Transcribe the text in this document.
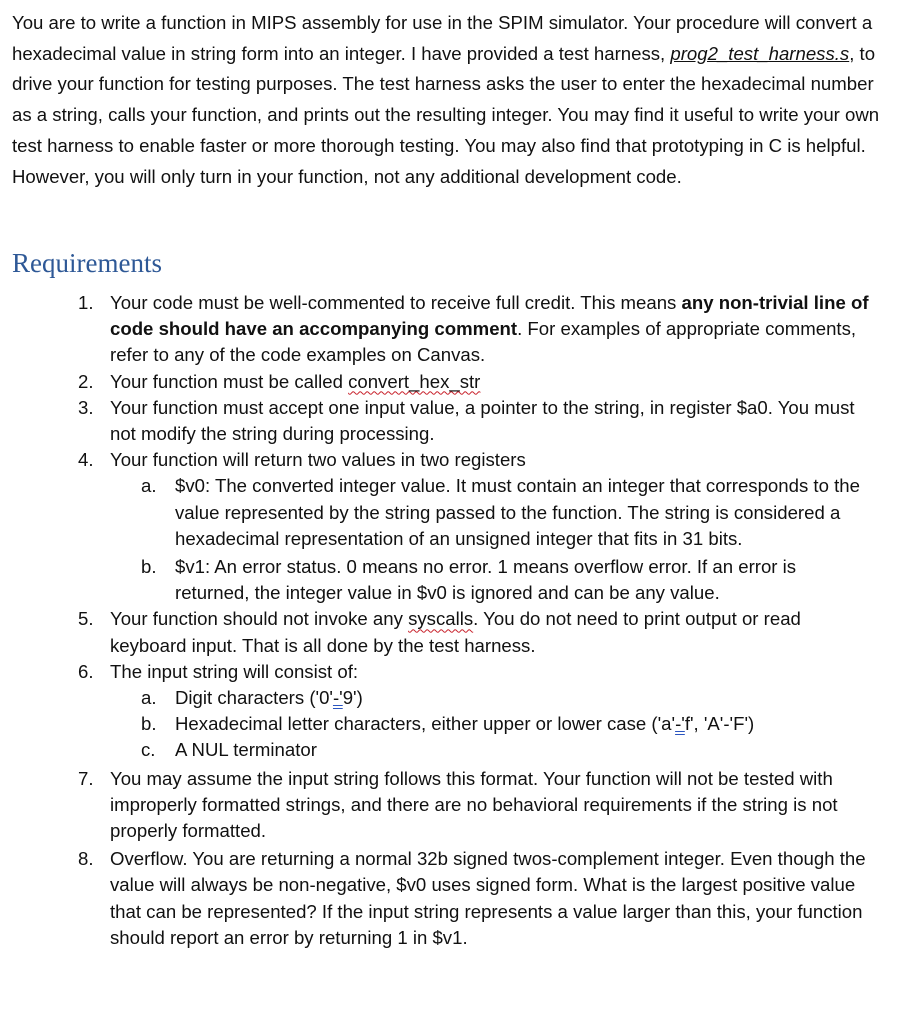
You are to write a function in MIPS assembly for use in the SPIM simulator. Your procedure will convert a hexadecimal value in string form into an integer. I have provided a test harness, prog2_test_harness.s, to drive your function for testing purposes. The test harness asks the user to enter the hexadecimal number as a string, calls your function, and prints out the resulting integer. You may find it useful to write your own test harness to enable faster or more thorough testing. You may also find that prototyping in C is helpful. However, you will only turn in your function, not any additional development code.

Requirements
1. Your code must be well-commented to receive full credit. This means any non-trivial line of code should have an accompanying comment. For examples of appropriate comments, refer to any of the code examples on Canvas.
2. Your function must be called convert_hex_str
3. Your function must accept one input value, a pointer to the string, in register $a0. You must not modify the string during processing.
4. Your function will return two values in two registers
a. $v0: The converted integer value. It must contain an integer that corresponds to the value represented by the string passed to the function. The string is considered a hexadecimal representation of an unsigned integer that fits in 31 bits.
b. $v1: An error status. 0 means no error. 1 means overflow error. If an error is returned, the integer value in $v0 is ignored and can be any value.
5. Your function should not invoke any syscalls. You do not need to print output or read keyboard input. That is all done by the test harness.
6. The input string will consist of:
a. Digit characters ('0'-'9')
b. Hexadecimal letter characters, either upper or lower case ('a'-'f', 'A'-'F')
c. A NUL terminator
7. You may assume the input string follows this format. Your function will not be tested with improperly formatted strings, and there are no behavioral requirements if the string is not properly formatted.
8. Overflow. You are returning a normal 32b signed twos-complement integer. Even though the value will always be non-negative, $v0 uses signed form. What is the largest positive value that can be represented? If the input string represents a value larger than this, your function should report an error by returning 1 in $v1.
